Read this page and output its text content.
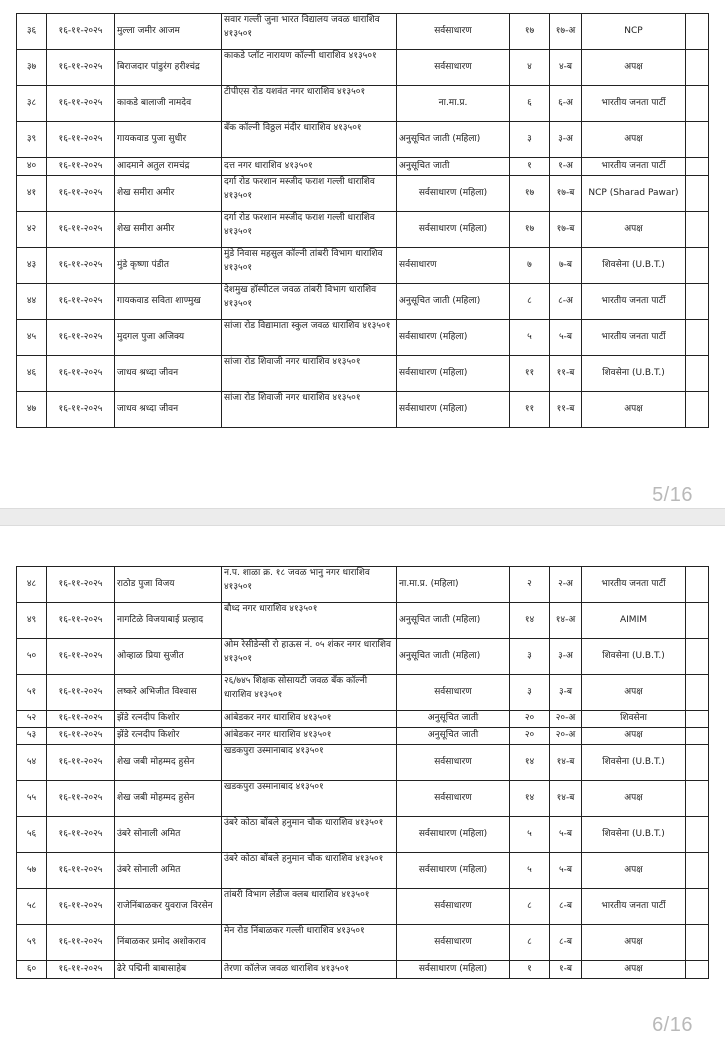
३६	१६-११-२०२५	मुल्ला जमीर आजम	सवार गल्ली जुना भारत विद्यालय जवळ धाराशिव ४१३५०१	सर्वसाधारण	१७	१७-अ	NCP	
३७	१६-११-२०२५	बिराजदार पांडुरंग हरीश्चंद्र	काकडे प्लॉट नारायण कॉल्नी धाराशिव ४१३५०१	सर्वसाधारण	४	४-ब	अपक्ष	
३८	१६-११-२०२५	काकडे बालाजी नामदेव	टीपीएस रोड यशवंत नगर धाराशिव ४१३५०१	ना.मा.प्र.	६	६-अ	भारतीय जनता पार्टी	
३९	१६-११-२०२५	गायकवाड पुजा सुधीर	बँक कॉल्नी विठ्ठल मंदीर धाराशिव ४१३५०१	अनुसूचित जाती (महिला)	३	३-अ	अपक्ष	
४०	१६-११-२०२५	आदमाने अतुल रामचंद्र	दत्त नगर धाराशिव ४१३५०१	अनुसूचित जाती	१	१-अ	भारतीय जनता पार्टी	
४१	१६-११-२०२५	शेख समीरा अमीर	दर्गा रोड फरशान मस्जीद फराश गल्ली धाराशिव ४१३५०१	सर्वसाधारण (महिला)	१७	१७-ब	NCP (Sharad Pawar)	
४२	१६-११-२०२५	शेख समीरा अमीर	दर्गा रोड फरशान मस्जीद फराश गल्ली धाराशिव ४१३५०१	सर्वसाधारण (महिला)	१७	१७-ब	अपक्ष	
४३	१६-११-२०२५	मुंडे कृष्णा पंडीत	मुंडे निवास महसुल कॉल्नी तांबरी विभाग धाराशिव ४१३५०१	सर्वसाधारण	७	७-ब	शिवसेना (U.B.T.)	
४४	१६-११-२०२५	गायकवाड सविता शाण्मुख	देशमुख हॉस्पीटल जवळ तांबरी विभाग धाराशिव ४१३५०१	अनुसूचित जाती (महिला)	८	८-अ	भारतीय जनता पार्टी	
४५	१६-११-२०२५	मुदगल पुजा अजिक्य	सांजा रोड विद्यामाता स्कुल जवळ धाराशिव ४१३५०१	सर्वसाधारण (महिला)	५	५-ब	भारतीय जनता पार्टी	
४६	१६-११-२०२५	जाधव श्रध्दा जीवन	सांजा रोड शिवाजी नगर धाराशिव ४१३५०१	सर्वसाधारण (महिला)	११	११-ब	शिवसेना (U.B.T.)	
४७	१६-११-२०२५	जाधव श्रध्दा जीवन	सांजा रोड शिवाजी नगर धाराशिव ४१३५०१	सर्वसाधारण (महिला)	११	११-ब	अपक्ष	
5/16
४८	१६-११-२०२५	राठोड पुजा विजय	न.प. शाळा क्र. १८ जवळ भानु नगर धाराशिव ४१३५०१	ना.मा.प्र. (महिला)	२	२-अ	भारतीय जनता पार्टी	
४९	१६-११-२०२५	नागटिळे विजयाबाई प्रल्हाद	बौध्द नगर धाराशिव ४१३५०१	अनुसूचित जाती (महिला)	१४	१४-अ	AIMIM	
५०	१६-११-२०२५	ओव्हाळ प्रिया सुजीत	ओम रेसीडेन्सी रो हाऊस नं. ०५ शंकर नगर धाराशिव ४१३५०१	अनुसूचित जाती (महिला)	३	३-अ	शिवसेना (U.B.T.)	
५१	१६-११-२०२५	लष्करे अभिजीत विश्वास	२६/७४५ शिक्षक सोसायटी जवळ बँक कॉल्नी धाराशिव ४१३५०१	सर्वसाधारण	३	३-ब	अपक्ष	
५२	१६-११-२०२५	झेंडे रत्नदीप किशोर	आंबेडकर नगर धाराशिव ४१३५०१	अनुसूचित जाती	२०	२०-अ	शिवसेना	
५३	१६-११-२०२५	झेंडे रत्नदीप किशोर	आंबेडकर नगर धाराशिव ४१३५०१	अनुसूचित जाती	२०	२०-अ	अपक्ष	
५४	१६-११-२०२५	शेख जबी मोहम्मद हुसेन	खडकपुरा उस्मानाबाद ४१३५०१	सर्वसाधारण	१४	१४-ब	शिवसेना (U.B.T.)	
५५	१६-११-२०२५	शेख जबी मोहम्मद हुसेन	खडकपुरा उस्मानाबाद ४१३५०१	सर्वसाधारण	१४	१४-ब	अपक्ष	
५६	१६-११-२०२५	उंबरे सोनाली अमित	उंबरे कोठा बोंबले हनुमान चौक धाराशिव ४१३५०१	सर्वसाधारण (महिला)	५	५-ब	शिवसेना (U.B.T.)	
५७	१६-११-२०२५	उंबरे सोनाली अमित	उंबरे कोठा बोंबले हनुमान चौक धाराशिव ४१३५०१	सर्वसाधारण (महिला)	५	५-ब	अपक्ष	
५८	१६-११-२०२५	राजेनिंबाळकर युवराज विरसेन	तांबरी विभाग लेडीज क्लब धाराशिव ४१३५०१	सर्वसाधारण	८	८-ब	भारतीय जनता पार्टी	
५९	१६-११-२०२५	निंबाळकर प्रमोद अशोकराव	मेन रोड निंबाळकर गल्ली धाराशिव ४१३५०१	सर्वसाधारण	८	८-ब	अपक्ष	
६०	१६-११-२०२५	ढेरे पद्मिनी बाबासाहेब	तेरणा कॉलेज जवळ धाराशिव ४१३५०१	सर्वसाधारण (महिला)	१	१-ब	अपक्ष	
6/16
